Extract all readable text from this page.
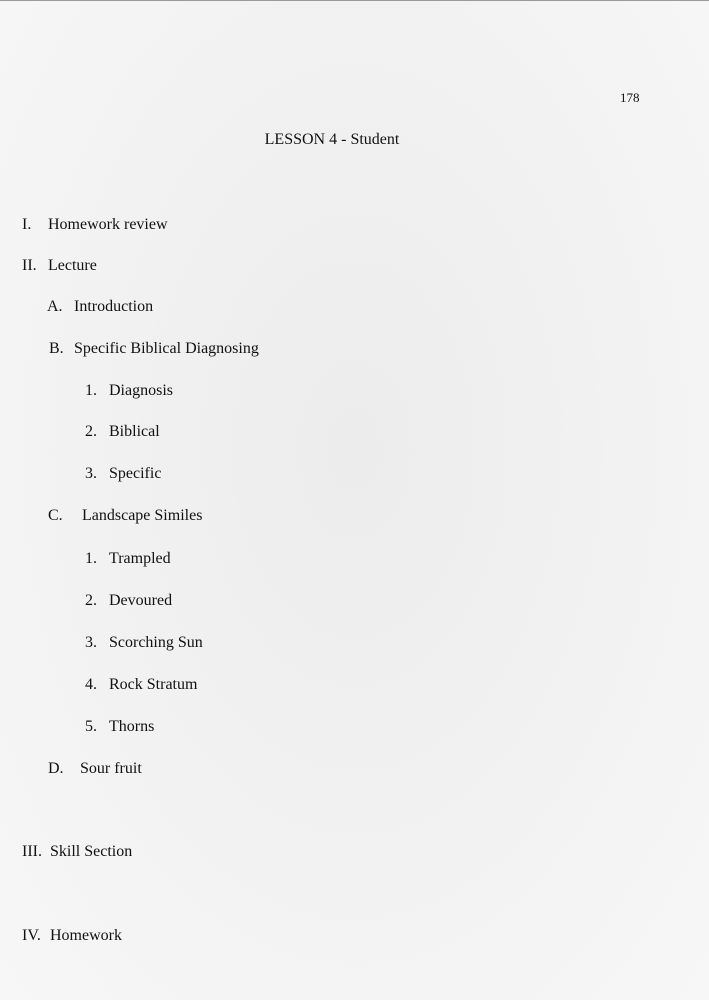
178
LESSON 4 - Student
I. Homework review
II. Lecture
A. Introduction
B. Specific Biblical Diagnosing
1. Diagnosis
2. Biblical
3. Specific
C. Landscape Similes
1. Trampled
2. Devoured
3. Scorching Sun
4. Rock Stratum
5. Thorns
D. Sour fruit
III. Skill Section
IV. Homework
